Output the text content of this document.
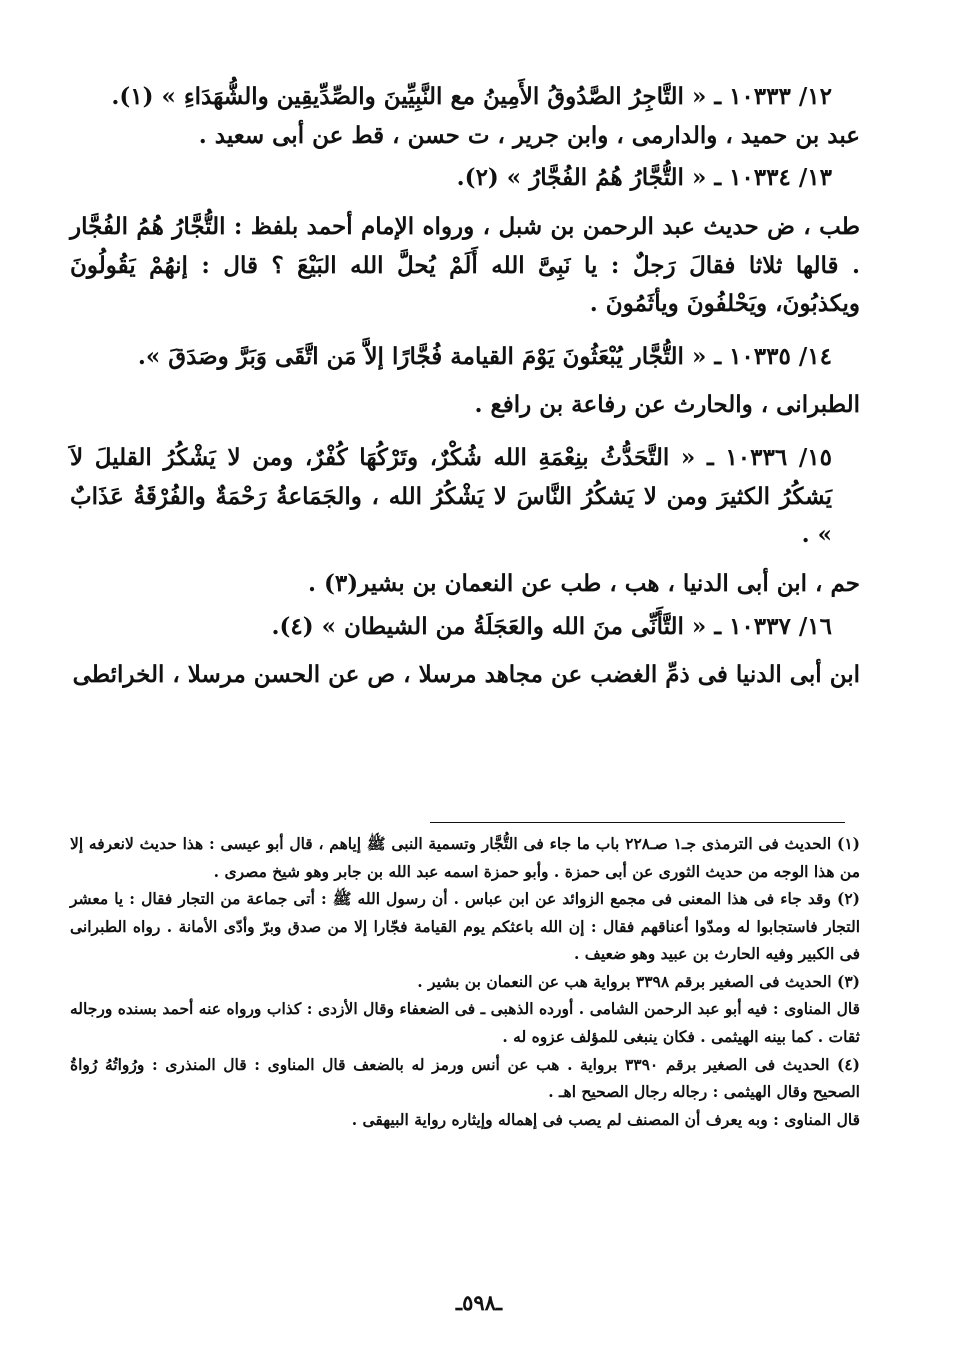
١٢/ ١٠٣٣٣ ـ « التَّاجِرُ الصَّدُوقُ الأَمِينُ مع النَّبِيِّينَ والصِّدِّيقِين والشُّهَدَاءِ » (١).

عبد بن حميد ، والدارمى ، وابن جرير ، ت حسن ، قط عن أبى سعيد .

١٣/ ١٠٣٣٤ ـ « التُّجَّارُ هُمُ الفُجَّارُ » (٢).

طب ، ض حديث عبد الرحمن بن شبل ، ورواه الإمام أحمد بلفظ : التُّجَّارُ هُمُ الفُجَّار . قالها ثلاثا فقالَ رَجلٌ : يا نَبِىَّ الله أَلَمْ يُحلَّ الله البَيْعَ ؟ قال : إنهُمْ يَقُولُونَ ويكذبُونَ، ويَحْلفُونَ ويأثَمُونَ .

١٤/ ١٠٣٣٥ ـ « التُّجَّار يُبْعَثُونَ يَوْمَ القيامة فُجَّارًا إلاَّ مَن اتَّقَى وَبَرَّ وصَدَقَ ».

الطبرانى ، والحارث عن رفاعة بن رافع .

١٥/ ١٠٣٣٦ ـ « التَّحَدُّثُ بنِعْمَةِ الله شُكْرٌ، وتَرْكُهَا كُفْرٌ، ومن لا يَشْكُرُ القليلَ لاَ يَشكُرُ الكثيرَ ومن لا يَشكُرُ النَّاسَ لا يَشْكُرُ الله ، والجَمَاعةُ رَحْمَةٌ والفُرْقَةُ عَذَابٌ » .

حم ، ابن أبى الدنيا ، هب ، طب عن النعمان بن بشير(٣) .

١٦/ ١٠٣٣٧ ـ « التَّأَنِّى منَ الله والعَجَلَةُ من الشيطان » (٤).

ابن أبى الدنيا فى ذمِّ الغضب عن مجاهد مرسلا ، ص عن الحسن مرسلا ، الخرائطى

(١) الحديث فى الترمذى جـ١ صـ٢٢٨ باب ما جاء فى التُّجَّار وتسمية النبى ﷺ إياهم ، قال أبو عيسى : هذا حديث لانعرفه إلا من هذا الوجه من حديث الثورى عن أبى حمزة . وأبو حمزة اسمه عبد الله بن جابر وهو شيخ مصرى .

(٢) وقد جاء فى هذا المعنى فى مجمع الزوائد عن ابن عباس . أن رسول الله ﷺ : أتى جماعة من التجار فقال : يا معشر التجار فاستجابوا له ومدّوا أعناقهم فقال : إن الله باعثكم يوم القيامة فجّارا إلا من صدق وبرّ وأدّى الأمانة . رواه الطبرانى فى الكبير وفيه الحارث بن عبيد وهو ضعيف .

(٣) الحديث فى الصغير برقم ٣٣٩٨ برواية هب عن النعمان بن بشير .

قال المناوى : فيه أبو عبد الرحمن الشامى . أورده الذهبى ـ فى الضعفاء وقال الأزدى : كذاب ورواه عنه أحمد بسنده ورجاله ثقات . كما بينه الهيثمى . فكان ينبغى للمؤلف عزوه له .

(٤) الحديث فى الصغير برقم ٣٣٩٠ برواية . هب عن أنس ورمز له بالضعف قال المناوى : قال المنذرى : ورُواتُهُ رُواةُ الصحيح وقال الهيثمى : رجاله رجال الصحيح اهـ .

قال المناوى : وبه يعرف أن المصنف لم يصب فى إهماله وإيثاره رواية البيهقى .

ـ٥٩٨ـ
